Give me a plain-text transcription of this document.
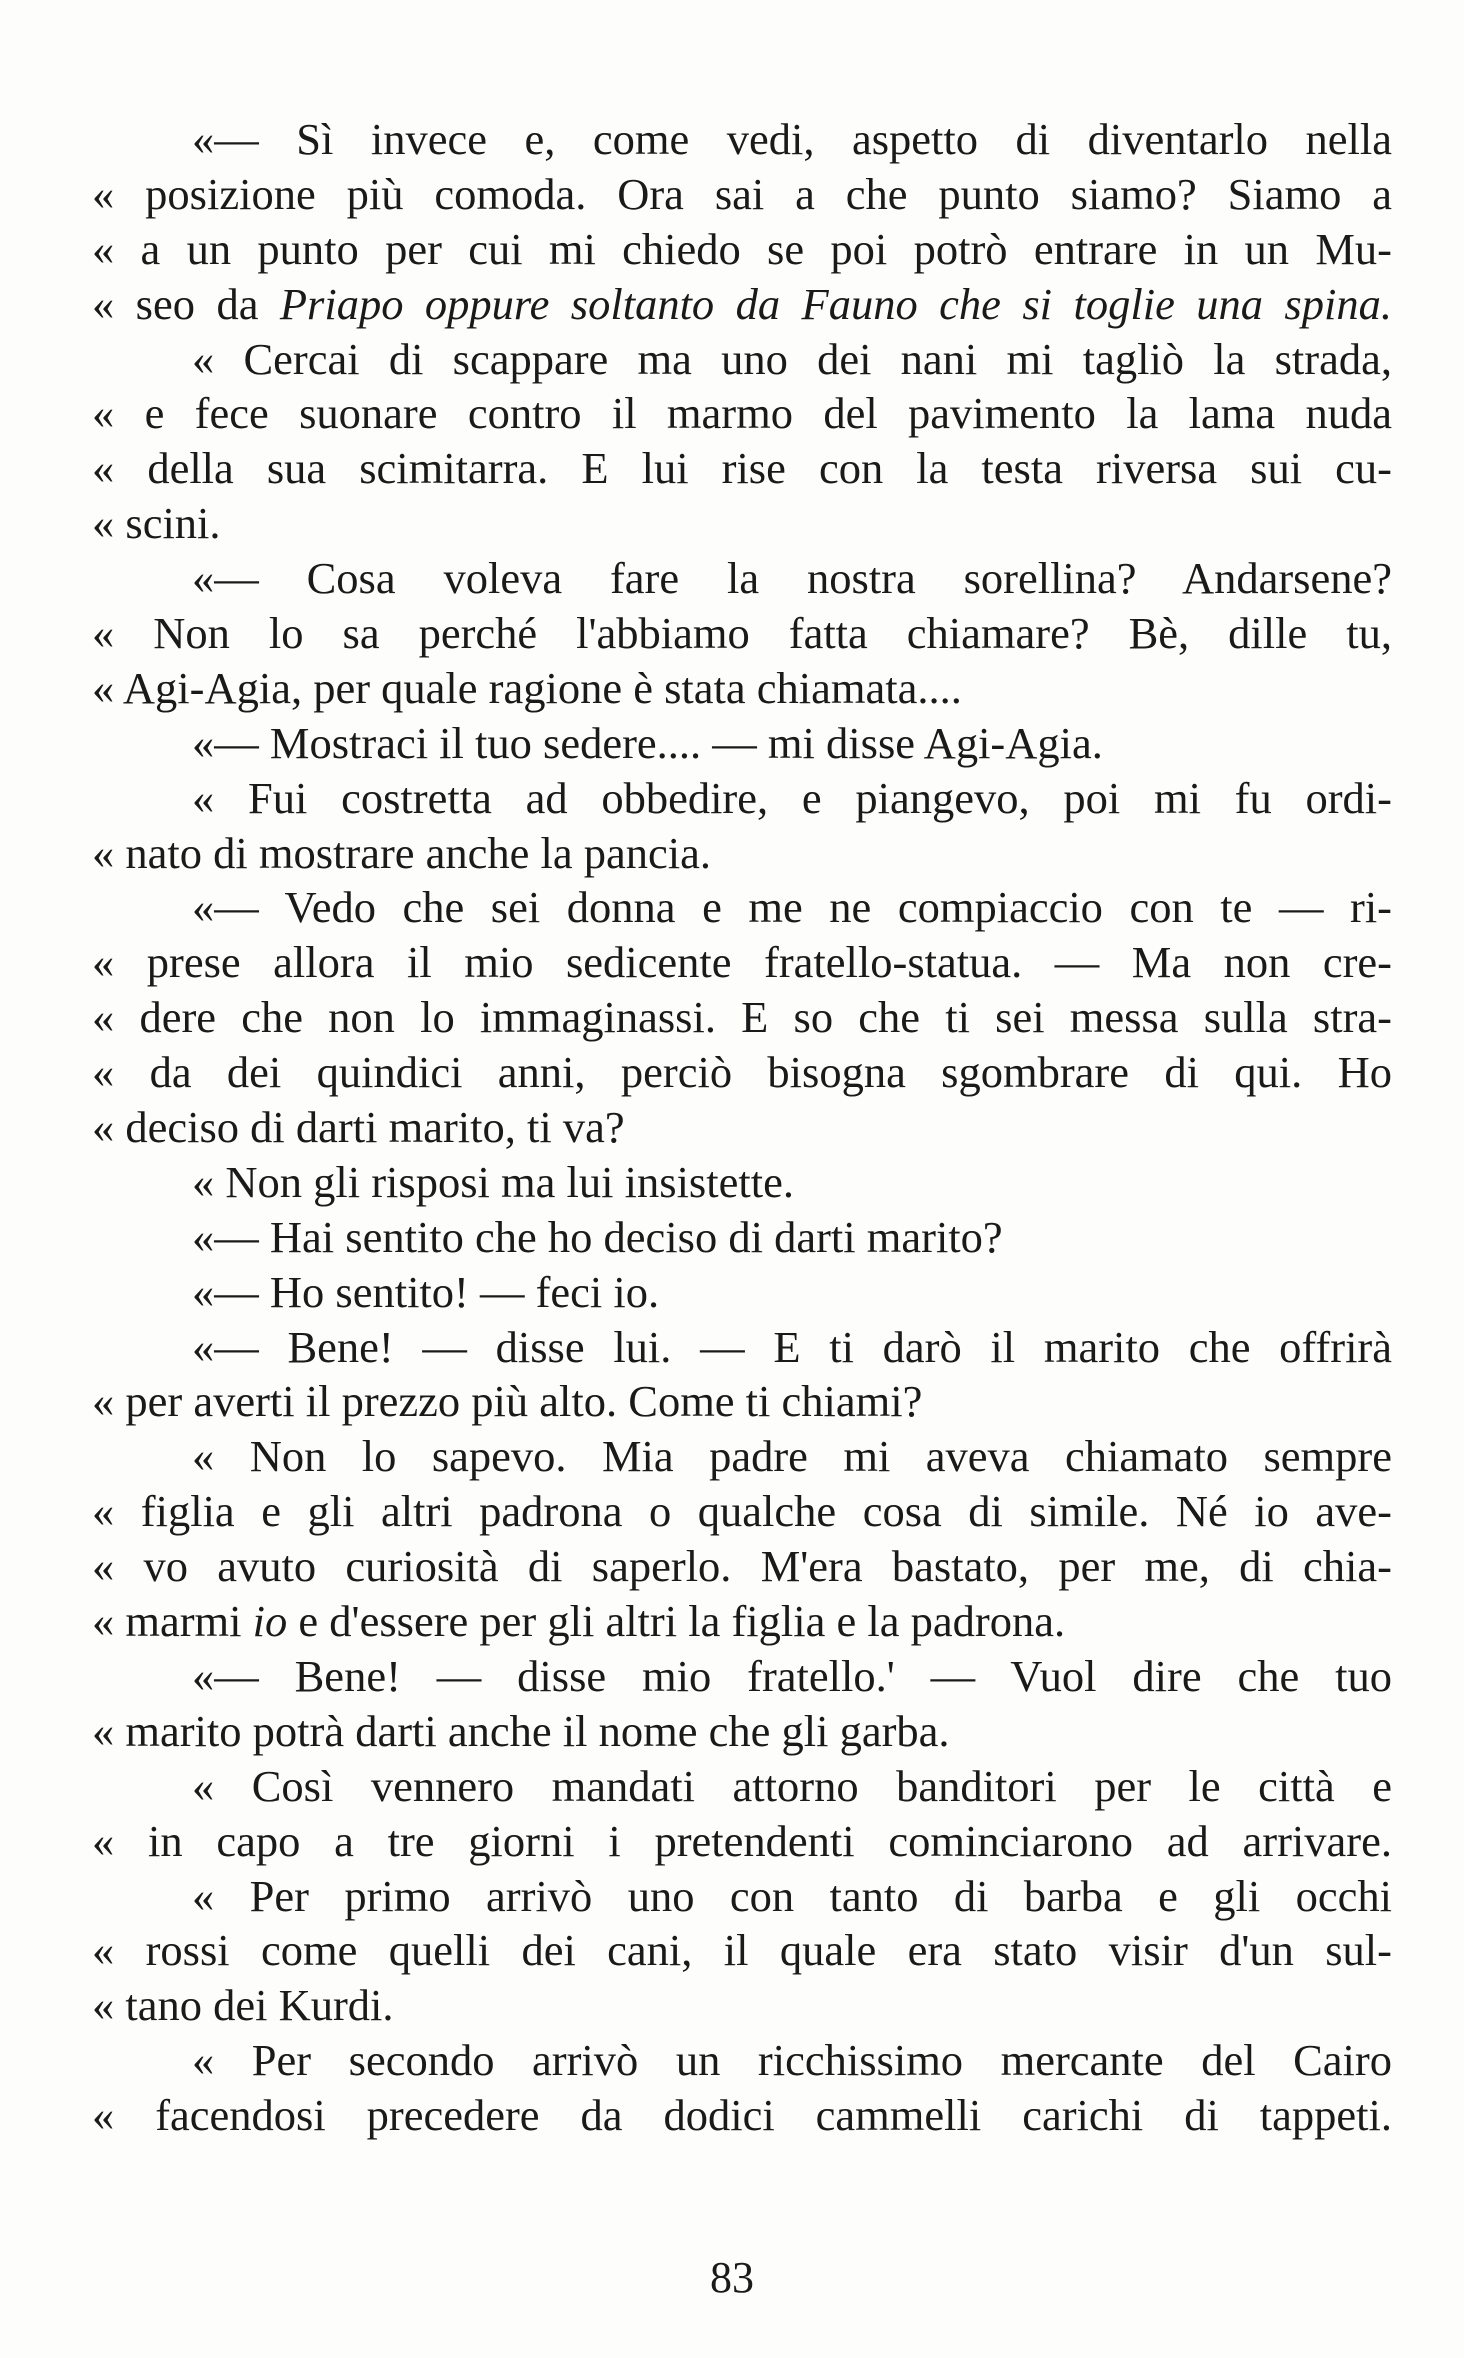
«— Sì invece e, come vedi, aspetto di diventarlo nella
« posizione più comoda. Ora sai a che punto siamo? Siamo a
« a un punto per cui mi chiedo se poi potrò entrare in un Mu-
« seo da Priapo oppure soltanto da Fauno che si toglie una spina.
« Cercai di scappare ma uno dei nani mi tagliò la strada,
« e fece suonare contro il marmo del pavimento la lama nuda
« della sua scimitarra. E lui rise con la testa riversa sui cu-
« scini.
«— Cosa voleva fare la nostra sorellina? Andarsene?
« Non lo sa perché l'abbiamo fatta chiamare? Bè, dille tu,
« Agi-Agia, per quale ragione è stata chiamata....
«— Mostraci il tuo sedere.... — mi disse Agi-Agia.
« Fui costretta ad obbedire, e piangevo, poi mi fu ordi-
« nato di mostrare anche la pancia.
«— Vedo che sei donna e me ne compiaccio con te — ri-
« prese allora il mio sedicente fratello-statua. — Ma non cre-
« dere che non lo immaginassi. E so che ti sei messa sulla stra-
« da dei quindici anni, perciò bisogna sgombrare di qui. Ho
« deciso di darti marito, ti va?
« Non gli risposi ma lui insistette.
«— Hai sentito che ho deciso di darti marito?
«— Ho sentito! — feci io.
«— Bene! — disse lui. — E ti darò il marito che offrirà
« per averti il prezzo più alto. Come ti chiami?
« Non lo sapevo. Mia padre mi aveva chiamato sempre
« figlia e gli altri padrona o qualche cosa di simile. Né io ave-
« vo avuto curiosità di saperlo. M'era bastato, per me, di chia-
« marmi io e d'essere per gli altri la figlia e la padrona.
«— Bene! — disse mio fratello.' — Vuol dire che tuo
« marito potrà darti anche il nome che gli garba.
« Così vennero mandati attorno banditori per le città e
« in capo a tre giorni i pretendenti cominciarono ad arrivare.
« Per primo arrivò uno con tanto di barba e gli occhi
« rossi come quelli dei cani, il quale era stato visir d'un sul-
« tano dei Kurdi.
« Per secondo arrivò un ricchissimo mercante del Cairo
« facendosi precedere da dodici cammelli carichi di tappeti.
83
